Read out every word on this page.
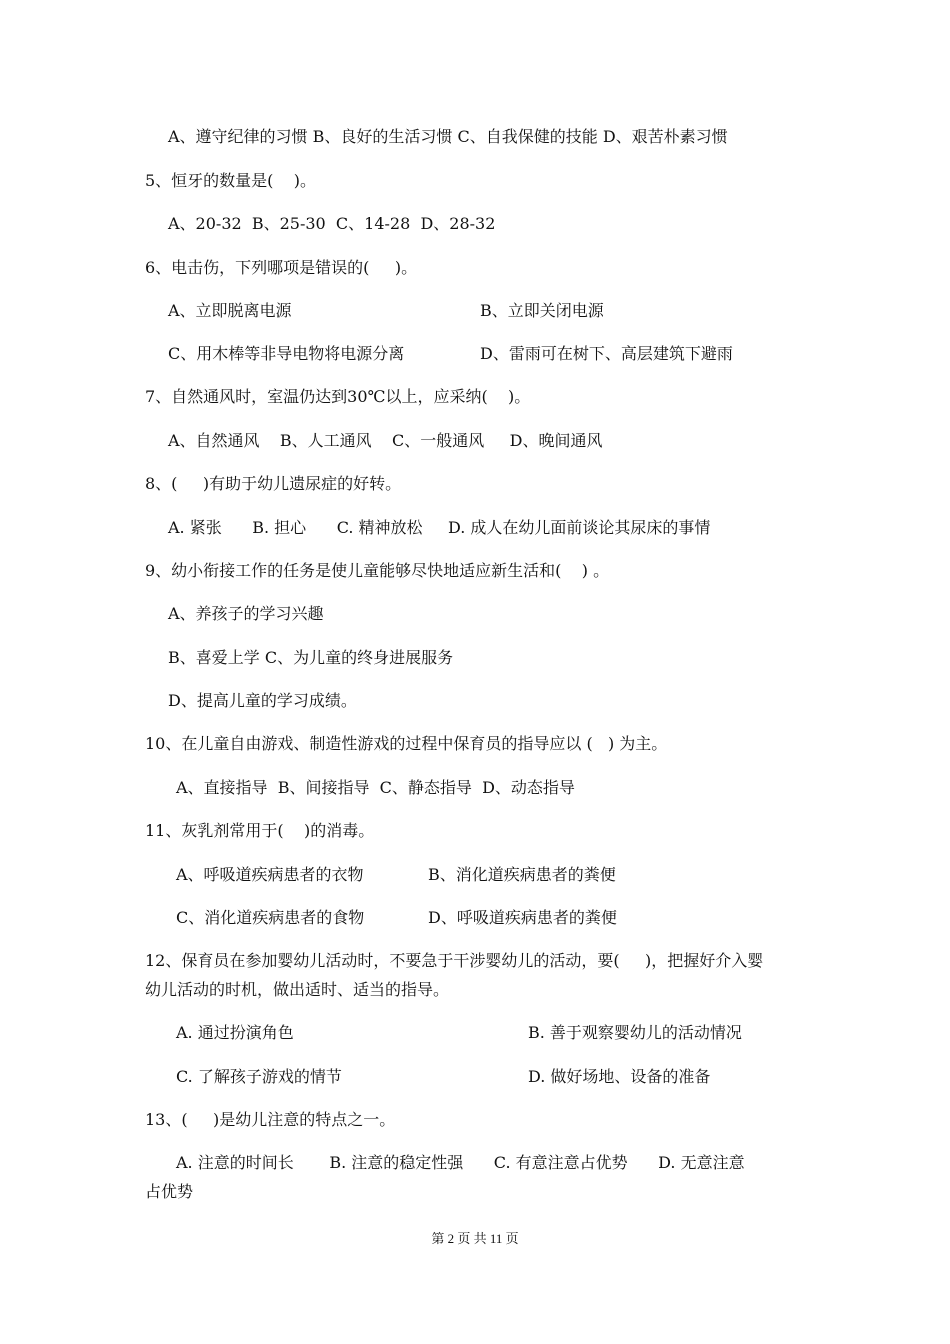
A、遵守纪律的习惯 B、良好的生活习惯 C、自我保健的技能 D、艰苦朴素习惯
5、恒牙的数量是(    )。
A、20-32  B、25-30  C、14-28  D、28-32
6、电击伤，下列哪项是错误的(     )。
A、立即脱离电源	B、立即关闭电源
C、用木棒等非导电物将电源分离	D、雷雨可在树下、高层建筑下避雨
7、自然通风时，室温仍达到30℃以上，应采纳(    )。
A、自然通风    B、人工通风    C、一般通风     D、晚间通风
8、(     )有助于幼儿遗尿症的好转。
A. 紧张      B. 担心      C. 精神放松     D. 成人在幼儿面前谈论其尿床的事情
9、幼小衔接工作的任务是使儿童能够尽快地适应新生活和(    ) 。
A、养孩子的学习兴趣
B、喜爱上学 C、为儿童的终身进展服务
D、提高儿童的学习成绩。
10、在儿童自由游戏、制造性游戏的过程中保育员的指导应以 (   ) 为主。
A、直接指导  B、间接指导  C、静态指导  D、动态指导
11、灰乳剂常用于(    )的消毒。
A、呼吸道疾病患者的衣物	B、消化道疾病患者的粪便
C、消化道疾病患者的食物	D、呼吸道疾病患者的粪便
12、保育员在参加婴幼儿活动时，不要急于干涉婴幼儿的活动，要(     )，把握好介入婴
幼儿活动的时机，做出适时、适当的指导。
A. 通过扮演角色	B. 善于观察婴幼儿的活动情况
C. 了解孩子游戏的情节	D. 做好场地、设备的准备
13、(     )是幼儿注意的特点之一。
A. 注意的时间长       B. 注意的稳定性强      C. 有意注意占优势      D. 无意注意
占优势
第 2 页 共 11 页
